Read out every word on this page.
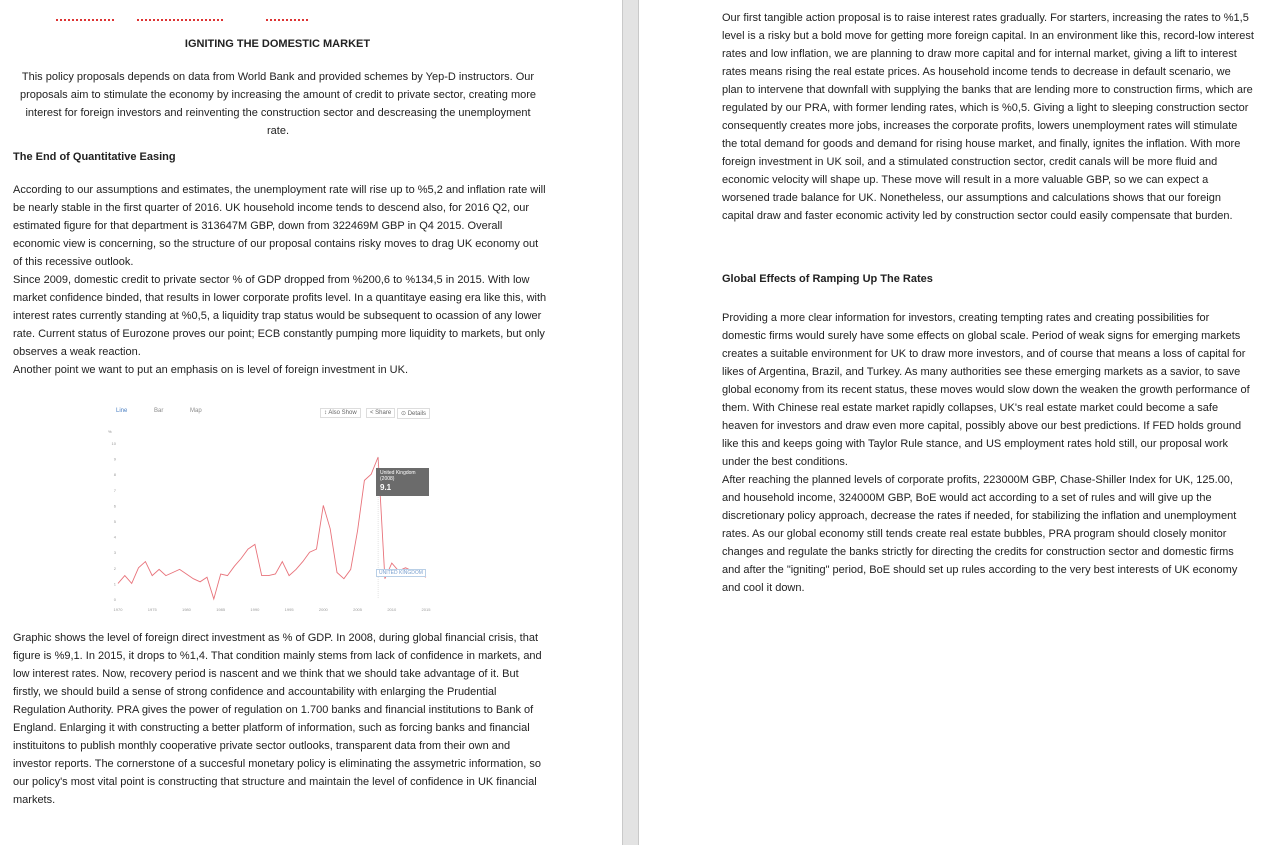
IGNITING THE DOMESTIC MARKET

This policy proposals depends on data from World Bank and provided schemes by Yep-D instructors. Our proposals aim to stimulate the economy by increasing the amount of credit to private sector, creating more interest for foreign investors and reinventing the construction sector and descreasing the unemployment rate.

The End of Quantitative Easing

According to our assumptions and estimates, the unemployment rate will rise up to %5,2 and inflation rate will be nearly stable in the first quarter of 2016. UK household income tends to descend also, for 2016 Q2, our estimated figure for that department is 313647M GBP, down from 322469M GBP in Q4 2015. Overall economic view is concerning, so the structure of our proposal contains risky moves to drag UK economy out of this recessive outlook.

Since 2009, domestic credit to private sector % of GDP dropped from %200,6 to %134,5 in 2015. With low market confidence binded, that results in lower corporate profits level. In a quantitaye easing era like this, with interest rates currently standing at %0,5, a liquidity trap status would be subsequent to ocassion of any lower rate. Current status of Eurozone proves our point; ECB constantly pumping more liquidity to markets, but only observes a weak reaction.

Another point we want to put an emphasis on is level of foreign investment in UK.

Line	Bar	Map	↕ Also Show	< Share	⊙ Details
%
10
9
8
7
6
5
4
3
2
1
0
1970	1975	1980	1985	1990	1995	2000	2005	2010	2015
United Kingdom
(2008)
9.1
UNITED KINGDOM

Graphic shows the level of foreign direct investment as % of GDP. In 2008, during global financial crisis, that figure is %9,1. In 2015, it drops to %1,4. That condition mainly stems from lack of confidence in markets, and low interest rates. Now, recovery period is nascent and we think that we should take advantage of it. But firstly, we should build a sense of strong confidence and accountability with enlarging the Prudential Regulation Authority. PRA gives the power of regulation on 1.700 banks and financial institutions to Bank of England. Enlarging it with constructing a better platform of information, such as forcing banks and financial instituitons to publish monthly cooperative private sector outlooks, transparent data from their own and investor reports. The cornerstone of a succesful monetary policy is eliminating the assymetric information, so our policy's most vital point is constructing that structure and maintain the level of confidence in UK financial markets.

Our first tangible action proposal is to raise interest rates gradually. For starters, increasing the rates to %1,5 level is a risky but a bold move for getting more foreign capital. In an environment like this, record-low interest rates and low inflation, we are planning to draw more capital and for internal market, giving a lift to interest rates means rising the real estate prices. As household income tends to decrease in default scenario, we plan to intervene that downfall with supplying the banks that are lending more to construction firms, which are regulated by our PRA, with former lending rates, which is %0,5. Giving a light to sleeping construction sector consequently creates more jobs, increases the corporate profits, lowers unemployment rates will stimulate the total demand for goods and demand for rising house market, and finally, ignites the inflation. With more foreign investment in UK soil, and a stimulated construction sector, credit canals will be more fluid and economic velocity will shape up. These move will result in a more valuable GBP, so we can expect a worsened trade balance for UK. Nonetheless, our assumptions and calculations shows that our foreign capital draw and faster economic activity led by construction sector could easily compensate that burden.

Global Effects of Ramping Up The Rates

Providing a more clear information for investors, creating tempting rates and creating possibilities for domestic firms would surely have some effects on global scale. Period of weak signs for emerging markets creates a suitable environment for UK to draw more investors, and of course that means a loss of capital for likes of Argentina, Brazil, and Turkey. As many authorities see these emerging markets as a savior, to save global economy from its recent status, these moves would slow down the weaken the growth performance of them. With Chinese real estate market rapidly collapses, UK's real estate market could become a safe heaven for investors and draw even more capital, possibly above our best predictions. If FED holds ground like this and keeps going with Taylor Rule stance, and US employment rates hold still, our proposal work under the best conditions.

After reaching the planned levels of corporate profits, 223000M GBP, Chase-Shiller Index for UK, 125.00, and household income, 324000M GBP, BoE would act according to a set of rules and will give up the discretionary policy approach, decrease the rates if needed, for stabilizing the inflation and unemployment rates. As our global economy still tends create real estate bubbles, PRA program should closely monitor changes and regulate the banks strictly for directing the credits for construction sector and domestic firms and after the "igniting" period, BoE should set up rules according to the very best interests of UK economy and cool it down.
